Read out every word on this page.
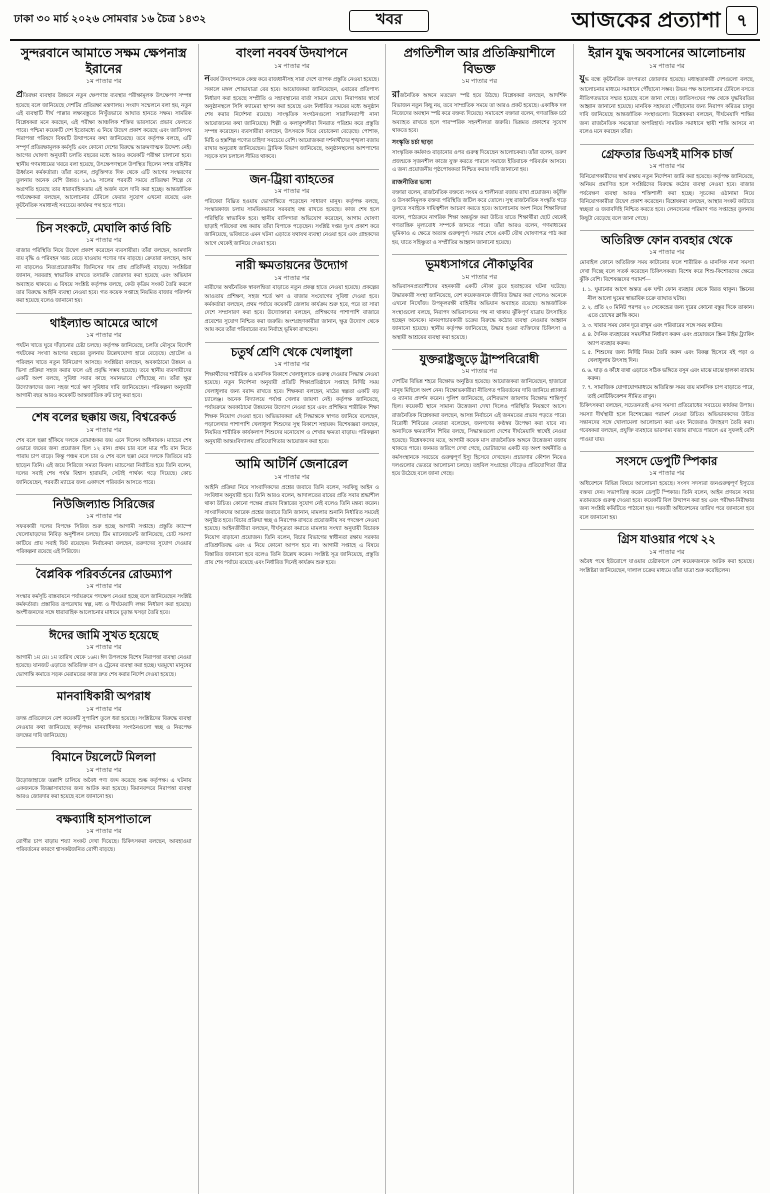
ঢাকা ৩০ মার্চ ২০২৬ সোমবার ১৬ চৈত্র ১৪৩২	খবর	আজকের প্রত্যাশা ৭
সুন্দরবানে আমাতে সক্ষম ক্ষেপনাস্ত্র ইরানের
১ম পাতার পর
প্রতিরক্ষা ব্যবস্থার উন্নয়নে নতুন ক্ষেপণাস্ত্র ব্যবস্থার পরীক্ষামূলক উৎক্ষেপণ সম্পন্ন হয়েছে বলে জানিয়েছে দেশটির প্রতিরক্ষা মন্ত্রণালয়। সংবাদ সম্মেলনে বলা হয়, নতুন এই ব্যবস্থাটি দীর্ঘ পাল্লার লক্ষ্যবস্তুতে নিখুঁতভাবে আঘাত হানতে সক্ষম। সামরিক বিশ্লেষকরা মনে করছেন, এই পরীক্ষা আঞ্চলিক শক্তির ভারসাম্যে প্রভাব ফেলতে পারে। পশ্চিমা কয়েকটি দেশ ইতোমধ্যে এ নিয়ে উদ্বেগ প্রকাশ করেছে এবং জাতিসংঘ নিরাপত্তা পরিষদে বিষয়টি উত্থাপনের কথা জানিয়েছে। তবে কর্তৃপক্ষ বলছে, এটি সম্পূর্ণ প্রতিরক্ষামূলক কর্মসূচি এবং কোনো দেশের বিরুদ্ধে আক্রমণাত্মক উদ্দেশ্য নেই। আগের ঘোষণা অনুযায়ী চলতি বছরের মধ্যে আরও কয়েকটি পরীক্ষা চালানো হবে। স্থানীয় গণমাধ্যমের খবরে বলা হয়েছে, উৎক্ষেপণস্থলে উপস্থিত ছিলেন সশস্ত্র বাহিনীর ঊর্ধ্বতন কর্মকর্তারা। তাঁরা বলেন, প্রযুক্তিগত দিক থেকে এটি আগের সংস্করণের তুলনায় অনেক বেশি উন্নত। ১৯৭৯ সালের পরবর্তী সময়ে প্রতিরক্ষা শিল্পে যে অগ্রগতি হয়েছে তার ধারাবাহিকতায় এই অর্জন বলে দাবি করা হচ্ছে। আন্তর্জাতিক পর্যবেক্ষকরা বলছেন, আলোচনার টেবিলে ফেরার সুযোগ এখনো রয়েছে এবং কূটনৈতিক সমাধানই সবচেয়ে কার্যকর পথ হতে পারে।
চিন সংকটে, মেঘালি কার্ড বিচি
১ম পাতার পর
বাজার পরিস্থিতি নিয়ে উদ্বেগ প্রকাশ করেছেন ব্যবসায়ীরা। তাঁরা বলছেন, আমদানি ব্যয় বৃদ্ধি ও পরিবহন খরচ বেড়ে যাওয়ায় পণ্যের দাম বাড়ছে। ক্রেতারা বলছেন, আয় না বাড়লেও নিত্যপ্রয়োজনীয় জিনিসের দাম প্রায় প্রতিদিনই বাড়ছে। সংশ্লিষ্টরা জানান, সরবরাহ স্বাভাবিক রাখতে তদারকি জোরদার করা হয়েছে এবং অভিযান অব্যাহত থাকবে। এ বিষয়ে সংশ্লিষ্ট কর্তৃপক্ষ বলছে, কেউ কৃত্রিম সংকট তৈরি করলে তার বিরুদ্ধে আইনি ব্যবস্থা নেওয়া হবে। গত কয়েক সপ্তাহে নিয়মিত বাজার পরিদর্শন করা হয়েছে বলেও জানানো হয়।
থাইল্যান্ড আমেরে আগে
১ম পাতার পর
পর্যটন খাতে ঘুরে দাঁড়ানোর চেষ্টা চলছে। কর্তৃপক্ষ জানিয়েছে, চলতি মৌসুমে বিদেশি পর্যটকের সংখ্যা আগের বছরের তুলনায় উল্লেখযোগ্য হারে বেড়েছে। হোটেল ও পরিবহন খাতে নতুন বিনিয়োগ আসছে। সংশ্লিষ্টরা বলছেন, অবকাঠামো উন্নয়ন ও ভিসা প্রক্রিয়া সহজ করার ফলে এই প্রবৃদ্ধি সম্ভব হয়েছে। তবে স্থানীয় ব্যবসায়ীদের একটি অংশ বলছে, সুবিধা সবার কাছে সমানভাবে পৌঁছাচ্ছে না। তাঁরা ক্ষুদ্র উদ্যোক্তাদের জন্য সহজ শর্তে ঋণ সুবিধার দাবি জানিয়েছেন। পরিকল্পনা অনুযায়ী আগামী বছর আরও কয়েকটি আন্তর্জাতিক রুট চালু করা হবে।
শেষ বলের ছক্কায় জয়, বিশ্বরেকর্ড
১ম পাতার পর
শেষ বলে ছক্কা হাঁকিয়ে দলকে রোমাঞ্চকর জয় এনে দিলেন অধিনায়ক। ম্যাচের শেষ ওভারে জয়ের জন্য প্রয়োজন ছিল ১২ রান। প্রথম চার বলে মাত্র পাঁচ রান নিতে পারায় চাপ বাড়ে। কিন্তু পঞ্চম বলে চার ও শেষ বলে ছক্কা মেরে দলকে জিতিয়ে মাঠ ছাড়েন তিনি। এই জয়ে সিরিজে সমতা ফিরল। ম্যাচসেরা নির্বাচিত হয়ে তিনি বলেন, দলের সবাই শেষ পর্যন্ত বিশ্বাস হারায়নি, সেটাই পার্থক্য গড়ে দিয়েছে। কোচ জানিয়েছেন, পরবর্তী ম্যাচের জন্য একাদশে পরিবর্তন আসতে পারে।
নিউজিল্যান্ড সিরিজের
১ম পাতার পর
সফরকারী দলের বিপক্ষে সিরিজ শুরু হচ্ছে আগামী সপ্তাহে। প্রস্তুতি ক্যাম্পে খেলোয়াড়দের নিবিড় অনুশীলন চলছে। টিম ম্যানেজমেন্ট জানিয়েছে, চোট সমস্যা কাটিয়ে প্রায় সবাই ফিট রয়েছেন। নির্বাচকরা বলছেন, তরুণদের সুযোগ দেওয়ার পরিকল্পনা রয়েছে এই সিরিজে।
বৈপ্লবিক পরিবর্তনের রোডম্যাপ
১ম পাতার পর
সংস্কার কর্মসূচি বাস্তবায়নে পর্যায়ক্রমে পদক্ষেপ নেওয়া হচ্ছে বলে জানিয়েছেন সংশ্লিষ্ট কর্মকর্তারা। প্রস্তাবিত রূপরেখায় স্বল্প, মধ্য ও দীর্ঘমেয়াদি লক্ষ্য নির্ধারণ করা হয়েছে। অংশীজনদের সঙ্গে ধারাবাহিক আলোচনার মাধ্যমে চূড়ান্ত খসড়া তৈরি হবে।
ঈদের জামি সুখত হয়েছে
১ম পাতার পর
আগামী ১ম মে। ১ম তারিখ থেকে ১৬ম। ঈদ উপলক্ষে বিশেষ নিরাপত্তা ব্যবস্থা নেওয়া হয়েছে। যানজট এড়াতে অতিরিক্ত বাস ও ট্রেনের ব্যবস্থা করা হচ্ছে। ঘরমুখো মানুষের ভোগান্তি কমাতে সড়ক মেরামতের কাজ দ্রুত শেষ করার নির্দেশ দেওয়া হয়েছে।
মানবাধিকারী অপরাধ
১ম পাতার পর
তদন্ত প্রতিবেদনে বেশ কয়েকটি সুপারিশ তুলে ধরা হয়েছে। সংশ্লিষ্টদের বিরুদ্ধে ব্যবস্থা নেওয়ার কথা জানিয়েছে কর্তৃপক্ষ। মানবাধিকার সংগঠনগুলো স্বচ্ছ ও নিরপেক্ষ তদন্তের দাবি জানিয়েছে।
বিমানে টয়লেটে মিললা
১ম পাতার পর
উড়োজাহাজে তল্লাশি চালিয়ে অবৈধ পণ্য জব্দ করেছে শুল্ক কর্তৃপক্ষ। এ ঘটনায় একজনকে জিজ্ঞাসাবাদের জন্য আটক করা হয়েছে। বিমানবন্দরে নিরাপত্তা ব্যবস্থা আরও জোরদার করা হয়েছে বলে জানানো হয়।
বক্ষব্যাধি হাসপাতালে
১ম পাতার পর
রোগীর চাপ বাড়ায় শয্যা সংকট দেখা দিয়েছে। চিকিৎসকরা বলছেন, আবহাওয়া পরিবর্তনের কারণে শ্বাসকষ্টজনিত রোগী বাড়ছে।
বাংলা নববর্ষ উদযাপনে
১ম পাতার পর
নববর্ষ উদযাপনকে কেন্দ্র করে রাজধানীসহ সারা দেশে ব্যাপক প্রস্তুতি নেওয়া হয়েছে। সকালে মঙ্গল শোভাযাত্রা বের হবে। আয়োজকরা জানিয়েছেন, এবারের প্রতিপাদ্য নির্ধারণ করা হয়েছে সম্প্রীতি ও সহাবস্থানের বার্তা সামনে রেখে। নিরাপত্তার স্বার্থে অনুষ্ঠানস্থলে সিসি ক্যামেরা স্থাপন করা হয়েছে এবং নির্ধারিত সময়ের মধ্যে অনুষ্ঠান শেষ করার নির্দেশনা রয়েছে। সাংস্কৃতিক সংগঠনগুলো সারাদিনব্যাপী নানা আয়োজনের কথা জানিয়েছে। শিল্পী ও কলাকুশলীরা দিনরাত পরিশ্রম করে প্রস্তুতি সম্পন্ন করেছেন। ব্যবসায়ীরা বলছেন, উৎসবকে ঘিরে বেচাকেনা বেড়েছে। পোশাক, মিষ্টি ও হস্তশিল্প পণ্যের চাহিদা সবচেয়ে বেশি। আয়োজকরা দর্শনার্থীদের শৃঙ্খলা বজায় রাখার অনুরোধ জানিয়েছেন। ট্রাফিক বিভাগ জানিয়েছে, অনুষ্ঠানস্থলের আশপাশের সড়কে যান চলাচল সীমিত থাকবে।
জন-ট্রিয়া ব্যাহতের
১ম পাতার পর
পরিষেবা বিঘ্নিত হওয়ায় ভোগান্তিতে পড়েছেন সাধারণ মানুষ। কর্তৃপক্ষ বলছে, সংস্কারকাজ চলায় সাময়িকভাবে সরবরাহ বন্ধ রাখতে হয়েছে। কাজ শেষ হলে পরিস্থিতি স্বাভাবিক হবে। স্থানীয় বাসিন্দারা অভিযোগ করেছেন, আগাম ঘোষণা ছাড়াই পরিষেবা বন্ধ করায় তাঁরা বিপাকে পড়েছেন। সংশ্লিষ্ট দপ্তর দুঃখ প্রকাশ করে জানিয়েছে, ভবিষ্যতে এমন ঘটনা এড়াতে যথাযথ ব্যবস্থা নেওয়া হবে এবং গ্রাহকদের আগে থেকেই জানিয়ে দেওয়া হবে।
নারী ক্ষমতায়নের উদ্যোগ
১ম পাতার পর
নারীদের অর্থনৈতিক স্বাবলম্বিতা বাড়াতে নতুন প্রকল্প হাতে নেওয়া হয়েছে। প্রকল্পের আওতায় প্রশিক্ষণ, সহজ শর্তে ঋণ ও বাজার সংযোগের সুবিধা দেওয়া হবে। কর্মকর্তারা বলছেন, প্রথম পর্যায়ে কয়েকটি জেলায় কার্যক্রম শুরু হবে, পরে তা সারা দেশে সম্প্রসারণ করা হবে। উদ্যোক্তারা বলছেন, প্রশিক্ষণের পাশাপাশি বাজারে প্রবেশের সুযোগ নিশ্চিত করা জরুরি। অংশগ্রহণকারীরা জানান, ক্ষুদ্র উদ্যোগ থেকে আয় করে তাঁরা পরিবারের ব্যয় নির্বাহে ভূমিকা রাখছেন।
চতুর্থ শ্রেণি থেকে খেলাধুলা
১ম পাতার পর
শিক্ষার্থীদের শারীরিক ও মানসিক বিকাশে খেলাধুলাকে গুরুত্ব দেওয়ার সিদ্ধান্ত নেওয়া হয়েছে। নতুন নির্দেশনা অনুযায়ী প্রতিটি শিক্ষাপ্রতিষ্ঠানে সপ্তাহে নির্দিষ্ট সময় খেলাধুলার জন্য বরাদ্দ রাখতে হবে। শিক্ষকরা বলছেন, মাঠের স্বল্পতা একটি বড় চ্যালেঞ্জ। অনেক বিদ্যালয়ে পর্যাপ্ত খেলার জায়গা নেই। কর্তৃপক্ষ জানিয়েছে, পর্যায়ক্রমে অবকাঠামো উন্নয়নের উদ্যোগ নেওয়া হবে এবং প্রশিক্ষিত শারীরিক শিক্ষা শিক্ষক নিয়োগ দেওয়া হবে। অভিভাবকরা এই সিদ্ধান্তকে স্বাগত জানিয়ে বলেছেন, পড়ালেখার পাশাপাশি খেলাধুলা শিশুদের সুস্থ বিকাশে সহায়ক। বিশেষজ্ঞরা বলছেন, নিয়মিত শারীরিক কার্যকলাপ শিশুদের মনোযোগ ও শেখার ক্ষমতা বাড়ায়। পরিকল্পনা অনুযায়ী আন্তঃবিদ্যালয় প্রতিযোগিতার আয়োজন করা হবে।
আমি আটর্নি জেনারেল
১ম পাতার পর
আইনি প্রক্রিয়া নিয়ে সাংবাদিকদের প্রশ্নের জবাবে তিনি বলেন, সবকিছু আইন ও সংবিধান অনুযায়ী হবে। তিনি আরও বলেন, আদালতের রায়ের প্রতি সবার শ্রদ্ধাশীল থাকা উচিত। কোনো পক্ষের প্রভাব বিস্তারের সুযোগ নেই বলেও তিনি মন্তব্য করেন। সাংবাদিকদের আরেক প্রশ্নের জবাবে তিনি জানান, মামলার শুনানি নির্ধারিত সময়েই অনুষ্ঠিত হবে। বিচার প্রক্রিয়া স্বচ্ছ ও নিরপেক্ষ রাখতে প্রয়োজনীয় সব পদক্ষেপ নেওয়া হয়েছে। আইনজীবীরা বলছেন, দীর্ঘসূত্রতা কমাতে মামলার সংখ্যা অনুযায়ী বিচারক নিয়োগ বাড়ানো প্রয়োজন। তিনি বলেন, বিচার বিভাগের স্বাধীনতা রক্ষায় সরকার প্রতিশ্রুতিবদ্ধ এবং এ নিয়ে কোনো আপস হবে না। আগামী সপ্তাহে এ বিষয়ে বিস্তারিত জানানো হবে বলেও তিনি উল্লেখ করেন। সংশ্লিষ্ট সূত্র জানিয়েছে, প্রস্তুতি প্রায় শেষ পর্যায়ে রয়েছে এবং নির্ধারিত দিনেই কার্যক্রম শুরু হবে।
প্রগতিশীল আর প্রতিক্রিয়াশীলে বিভক্ত
১ম পাতার পর
রাজনৈতিক অঙ্গনে মতভেদ স্পষ্ট হয়ে উঠছে। বিশ্লেষকরা বলছেন, আদর্শিক বিভাজন নতুন কিছু নয়, তবে সাম্প্রতিক সময়ে তা আরও প্রকট হয়েছে। একাধিক দল নিজেদের অবস্থান স্পষ্ট করে বক্তব্য দিয়েছে। সমাবেশে বক্তারা বলেন, গণতান্ত্রিক চর্চা অব্যাহত রাখতে হলে পারস্পরিক সহনশীলতা জরুরি। ভিন্নমত প্রকাশের সুযোগ থাকতে হবে।
সংস্কৃতি চর্চা ছাড়া
সাংস্কৃতিক কর্মকাণ্ড বাড়ানোর ওপর গুরুত্ব দিয়েছেন আলোচকরা। তাঁরা বলেন, তরুণ প্রজন্মকে সৃজনশীল কাজে যুক্ত করতে পারলে সমাজে ইতিবাচক পরিবর্তন আসবে। এ জন্য প্রয়োজনীয় পৃষ্ঠপোষকতা নিশ্চিত করার দাবি জানানো হয়।
রাজনীতির ভাষা
বক্তারা বলেন, রাজনৈতিক বক্তব্যে সংযম ও শালীনতা বজায় রাখা প্রয়োজন। কটূক্তি ও উসকানিমূলক বক্তব্য পরিস্থিতি জটিল করে তোলে। সুস্থ রাজনৈতিক সংস্কৃতি গড়ে তুলতে সবাইকে দায়িত্বশীল আচরণ করতে হবে। আলোচনায় অংশ নিয়ে শিক্ষাবিদরা বলেন, পাঠ্যক্রমে নাগরিক শিক্ষা অন্তর্ভুক্ত করা উচিত যাতে শিক্ষার্থীরা ছোট থেকেই গণতান্ত্রিক মূল্যবোধ সম্পর্কে জানতে পারে। তাঁরা আরও বলেন, গণমাধ্যমের ভূমিকাও এ ক্ষেত্রে অত্যন্ত গুরুত্বপূর্ণ। সভার শেষে একটি যৌথ ঘোষণাপত্র পাঠ করা হয়, যাতে সহিষ্ণুতা ও সম্প্রীতির আহ্বান জানানো হয়েছে।
ভূমধ্যসাগরে নৌকাডুবির
১ম পাতার পর
অভিবাসনপ্রত্যাশীদের বহনকারী একটি নৌকা ডুবে হতাহতের ঘটনা ঘটেছে। উদ্ধারকারী সংস্থা জানিয়েছে, বেশ কয়েকজনকে জীবিত উদ্ধার করা গেলেও অনেকে এখনো নিখোঁজ। উপকূলরক্ষী বাহিনীর অভিযান অব্যাহত রয়েছে। আন্তর্জাতিক সংস্থাগুলো বলছে, নিরাপদ অভিবাসনের পথ না থাকায় ঝুঁকিপূর্ণ যাত্রায় উৎসাহিত হচ্ছেন অনেকে। মানবপাচারকারী চক্রের বিরুদ্ধে কঠোর ব্যবস্থা নেওয়ার আহ্বান জানানো হয়েছে। স্থানীয় কর্তৃপক্ষ জানিয়েছে, উদ্ধার হওয়া ব্যক্তিদের চিকিৎসা ও অস্থায়ী আশ্রয়ের ব্যবস্থা করা হয়েছে।
যুক্তরাষ্ট্রজুড়ে ট্রাম্পবিরোধী
১ম পাতার পর
দেশটির বিভিন্ন শহরে বিক্ষোভ অনুষ্ঠিত হয়েছে। আয়োজকরা জানিয়েছেন, হাজারো মানুষ মিছিলে অংশ নেন। বিক্ষোভকারীরা নীতিগত পরিবর্তনের দাবি জানিয়ে প্ল্যাকার্ড ও ব্যানার প্রদর্শন করেন। পুলিশ জানিয়েছে, বেশিরভাগ জায়গায় বিক্ষোভ শান্তিপূর্ণ ছিল। কয়েকটি স্থানে সামান্য উত্তেজনা দেখা দিলেও পরিস্থিতি নিয়ন্ত্রণে আসে। রাজনৈতিক বিশ্লেষকরা বলছেন, আসন্ন নির্বাচনে এই জনমতের প্রভাব পড়তে পারে। বিরোধী শিবিরের নেতারা বলেছেন, জনগণের কণ্ঠস্বর উপেক্ষা করা যাবে না। অন্যদিকে ক্ষমতাসীন শিবির বলছে, সিদ্ধান্তগুলো দেশের দীর্ঘমেয়াদি স্বার্থেই নেওয়া হয়েছে। বিশ্লেষকদের মতে, আগামী কয়েক মাস রাজনৈতিক অঙ্গনে উত্তেজনা বজায় থাকতে পারে। জনমত জরিপে দেখা গেছে, ভোটারদের একটি বড় অংশ অর্থনীতি ও কর্মসংস্থানকে সবচেয়ে গুরুত্বপূর্ণ ইস্যু হিসেবে দেখছেন। প্রচারণার কৌশল নিয়েও দলগুলোর ভেতরে আলোচনা চলছে। তহবিল সংগ্রহের দৌড়েও প্রতিযোগিতা তীব্র হয়ে উঠেছে বলে জানা গেছে।
ইরান যুদ্ধ অবসানের আলোচনায়
১ম পাতার পর
যুদ্ধ বন্ধে কূটনৈতিক তৎপরতা জোরদার হয়েছে। মধ্যস্থতাকারী দেশগুলো বলছে, আলোচনার মাধ্যমে সমাধানে পৌঁছানো সম্ভব। উভয় পক্ষ আলোচনার টেবিলে বসতে নীতিগতভাবে সম্মত হয়েছে বলে জানা গেছে। জাতিসংঘের পক্ষ থেকে যুদ্ধবিরতির আহ্বান জানানো হয়েছে। মানবিক সহায়তা পৌঁছানোর জন্য নিরাপদ করিডর চালুর দাবি জানিয়েছে আন্তর্জাতিক সংস্থাগুলো। বিশ্লেষকরা বলছেন, দীর্ঘমেয়াদি শান্তির জন্য রাজনৈতিক সমঝোতা অপরিহার্য। সামরিক সমাধানে স্থায়ী শান্তি আসবে না বলেও মনে করছেন তাঁরা।
গ্রেফতার ডিএসই মাসিক চার্জ
১ম পাতার পর
বিনিয়োগকারীদের স্বার্থ রক্ষায় নতুন নির্দেশনা জারি করা হয়েছে। কর্তৃপক্ষ জানিয়েছে, অনিয়ম প্রমাণিত হলে সংশ্লিষ্টদের বিরুদ্ধে কঠোর ব্যবস্থা নেওয়া হবে। বাজার পর্যবেক্ষণ ব্যবস্থা আরও শক্তিশালী করা হচ্ছে। সূচকের ওঠানামা নিয়ে বিনিয়োগকারীরা উদ্বেগ প্রকাশ করেছেন। বিশ্লেষকরা বলছেন, আস্থার সংকট কাটাতে স্বচ্ছতা ও জবাবদিহি নিশ্চিত করতে হবে। লেনদেনের পরিমাণ গত সপ্তাহের তুলনায় কিছুটা বেড়েছে বলে জানা গেছে।
অতিরিক্ত ফোন ব্যবহার থেকে
১ম পাতার পর
মোবাইল ফোনে অতিরিক্ত সময় কাটানোর ফলে শারীরিক ও মানসিক নানা সমস্যা দেখা দিচ্ছে বলে সতর্ক করেছেন চিকিৎসকরা। বিশেষ করে শিশু-কিশোরদের ক্ষেত্রে ঝুঁকি বেশি। বিশেষজ্ঞদের পরামর্শ—
1. ১. ঘুমানোর আগে অন্তত এক ঘণ্টা ফোন ব্যবহার থেকে বিরত থাকুন। স্ক্রিনের নীল আলো ঘুমের স্বাভাবিক চক্রে ব্যাঘাত ঘটায়।
2. ২. প্রতি ২০ মিনিট পরপর ২০ সেকেন্ডের জন্য দূরের কোনো বস্তুর দিকে তাকান। এতে চোখের ক্লান্তি কমে।
3. ৩. খাবার সময় ফোন দূরে রাখুন এবং পরিবারের সঙ্গে সময় কাটান।
4. ৪. দৈনিক ব্যবহারের সময়সীমা নির্ধারণ করুন এবং প্রয়োজনে স্ক্রিন টাইম ট্র্যাকিং অ্যাপ ব্যবহার করুন।
5. ৫. শিশুদের জন্য নির্দিষ্ট নিয়ম তৈরি করুন এবং বিকল্প হিসেবে বই পড়া ও খেলাধুলায় উৎসাহ দিন।
6. ৬. ঘাড় ও কাঁধে ব্যথা এড়াতে সঠিক ভঙ্গিতে বসুন এবং মাঝে মাঝে হালকা ব্যায়াম করুন।
7. ৭. সামাজিক যোগাযোগমাধ্যমে অতিরিক্ত সময় ব্যয় মানসিক চাপ বাড়াতে পারে, তাই নোটিফিকেশন সীমিত রাখুন।
চিকিৎসকরা বলছেন, সচেতনতাই এসব সমস্যা প্রতিরোধের সবচেয়ে কার্যকর উপায়। সমস্যা দীর্ঘস্থায়ী হলে বিশেষজ্ঞের পরামর্শ নেওয়া উচিত। অভিভাবকদের উচিত সন্তানদের সঙ্গে খোলামেলা আলোচনা করা এবং নিজেরাও উদাহরণ তৈরি করা। গবেষকরা বলছেন, প্রযুক্তি ব্যবহারে ভারসাম্য বজায় রাখতে পারলে এর সুফলই বেশি পাওয়া যায়।
সংসদে ডেপুটি স্পিকার
১ম পাতার পর
অধিবেশনে বিভিন্ন বিষয়ে আলোচনা হয়েছে। সংসদ সদস্যরা জনগুরুত্বপূর্ণ ইস্যুতে বক্তব্য দেন। সভাপতিত্ব করেন ডেপুটি স্পিকার। তিনি বলেন, আইন প্রণয়নে সবার মতামতকে গুরুত্ব দেওয়া হবে। কয়েকটি বিল উত্থাপন করা হয় এবং পরীক্ষা-নিরীক্ষার জন্য সংশ্লিষ্ট কমিটিতে পাঠানো হয়। পরবর্তী অধিবেশনের তারিখ পরে জানানো হবে বলে জানানো হয়।
গ্রিস যাওয়ার পথে ২২
১ম পাতার পর
অবৈধ পথে ইউরোপে যাওয়ার চেষ্টাকালে বেশ কয়েকজনকে আটক করা হয়েছে। সংশ্লিষ্টরা জানিয়েছেন, দালাল চক্রের মাধ্যমে তাঁরা যাত্রা শুরু করেছিলেন।
